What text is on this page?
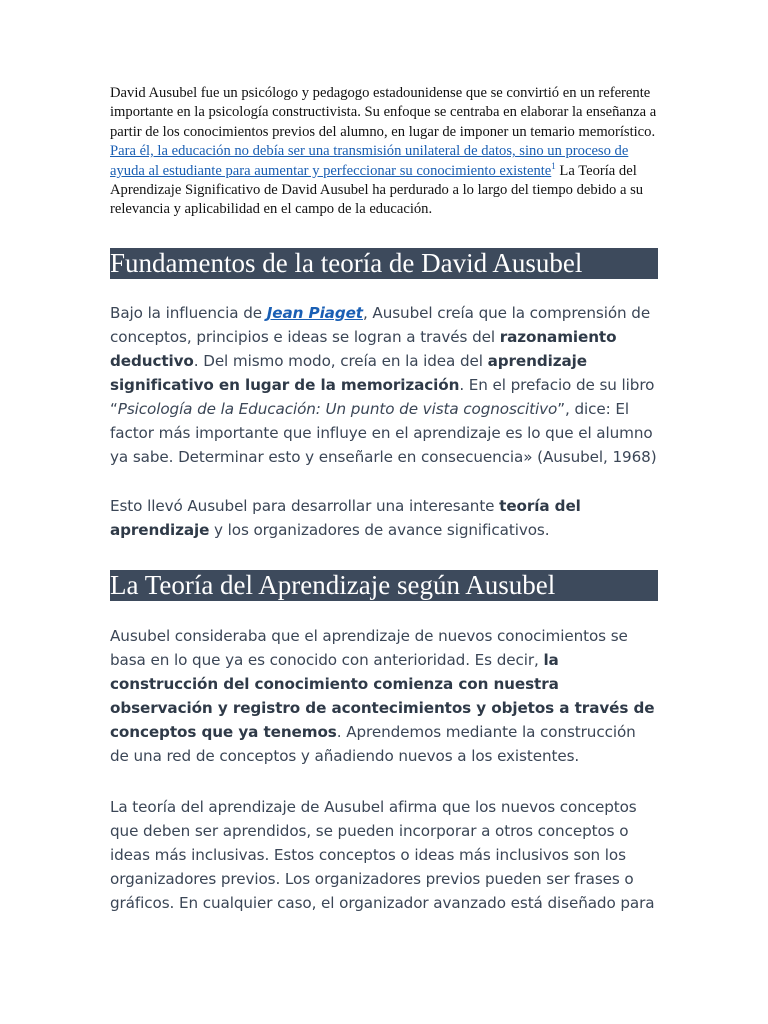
David Ausubel fue un psicólogo y pedagogo estadounidense que se convirtió en un referente importante en la psicología constructivista. Su enfoque se centraba en elaborar la enseñanza a partir de los conocimientos previos del alumno, en lugar de imponer un temario memorístico. Para él, la educación no debía ser una transmisión unilateral de datos, sino un proceso de ayuda al estudiante para aumentar y perfeccionar su conocimiento existente$^1$ La Teoría del Aprendizaje Significativo de David Ausubel ha perdurado a lo largo del tiempo debido a su relevancia y aplicabilidad en el campo de la educación.

Fundamentos de la teoría de David Ausubel

Bajo la influencia de Jean Piaget, Ausubel creía que la comprensión de conceptos, principios e ideas se logran a través del razonamiento deductivo. Del mismo modo, creía en la idea del aprendizaje significativo en lugar de la memorización. En el prefacio de su libro “Psicología de la Educación: Un punto de vista cognoscitivo”, dice: El factor más importante que influye en el aprendizaje es lo que el alumno ya sabe. Determinar esto y enseñarle en consecuencia» (Ausubel, 1968)

Esto llevó Ausubel para desarrollar una interesante teoría del aprendizaje y los organizadores de avance significativos.

La Teoría del Aprendizaje según Ausubel

Ausubel consideraba que el aprendizaje de nuevos conocimientos se basa en lo que ya es conocido con anterioridad. Es decir, la construcción del conocimiento comienza con nuestra observación y registro de acontecimientos y objetos a través de conceptos que ya tenemos. Aprendemos mediante la construcción de una red de conceptos y añadiendo nuevos a los existentes.

La teoría del aprendizaje de Ausubel afirma que los nuevos conceptos que deben ser aprendidos, se pueden incorporar a otros conceptos o ideas más inclusivas. Estos conceptos o ideas más inclusivos son los organizadores previos. Los organizadores previos pueden ser frases o gráficos. En cualquier caso, el organizador avanzado está diseñado para
